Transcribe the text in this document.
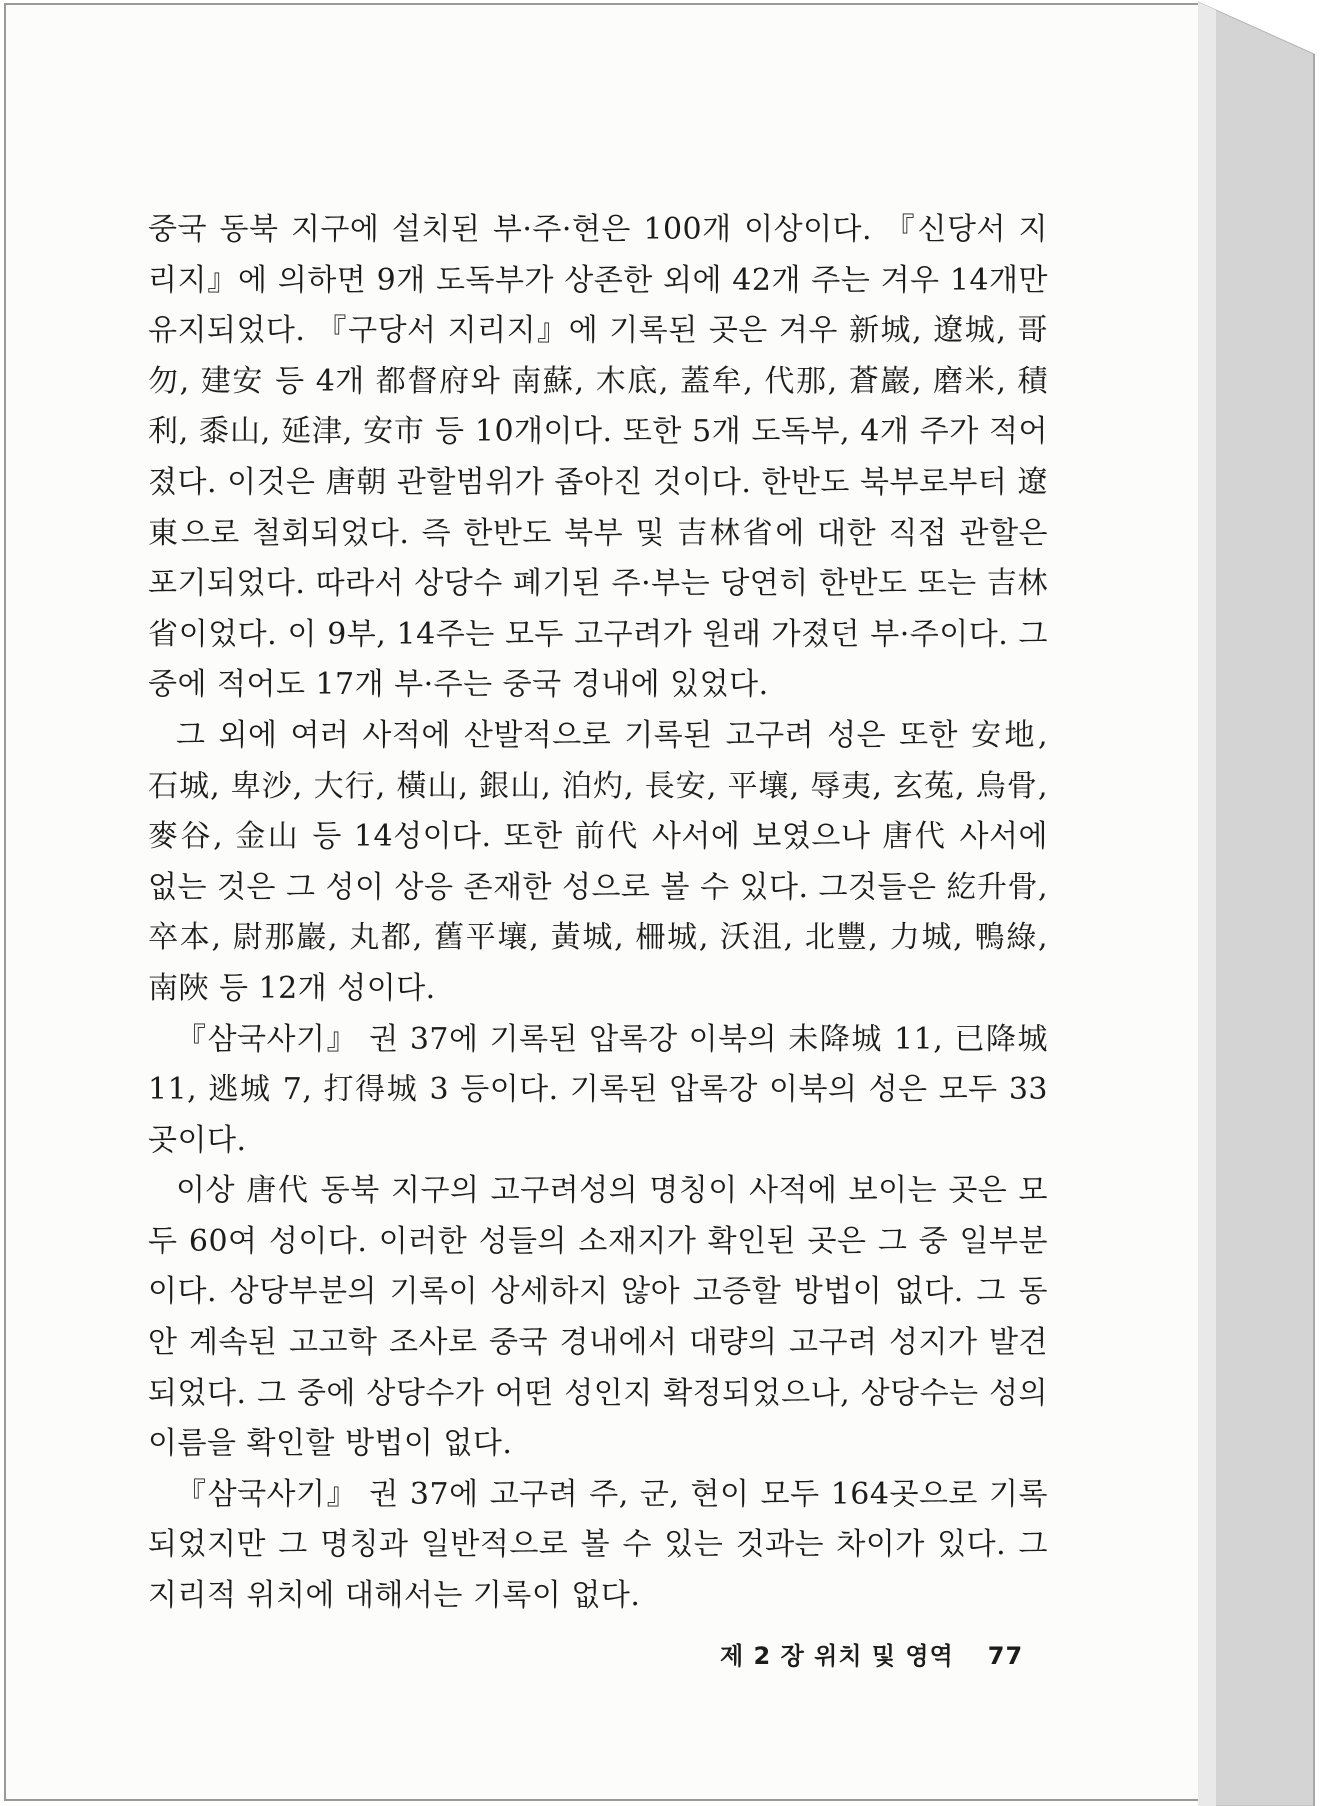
중국 동북 지구에 설치된 부·주·현은 100개 이상이다. 『신당서 지리지』에 의하면 9개 도독부가 상존한 외에 42개 주는 겨우 14개만 유지되었다. 『구당서 지리지』에 기록된 곳은 겨우 新城, 遼城, 哥勿, 建安 등 4개 都督府와 南蘇, 木底, 蓋牟, 代那, 蒼巖, 磨米, 積利, 黍山, 延津, 安市 등 10개이다. 또한 5개 도독부, 4개 주가 적어졌다. 이것은 唐朝 관할범위가 좁아진 것이다. 한반도 북부로부터 遼東으로 철회되었다. 즉 한반도 북부 및 吉林省에 대한 직접 관할은 포기되었다. 따라서 상당수 폐기된 주·부는 당연히 한반도 또는 吉林省이었다. 이 9부, 14주는 모두 고구려가 원래 가졌던 부·주이다. 그 중에 적어도 17개 부·주는 중국 경내에 있었다.

그 외에 여러 사적에 산발적으로 기록된 고구려 성은 또한 安地, 石城, 卑沙, 大行, 橫山, 銀山, 泊灼, 長安, 平壤, 辱夷, 玄菟, 烏骨, 麥谷, 金山 등 14성이다. 또한 前代 사서에 보였으나 唐代 사서에 없는 것은 그 성이 상응 존재한 성으로 볼 수 있다. 그것들은 紇升骨, 卒本, 尉那巖, 丸都, 舊平壤, 黃城, 柵城, 沃沮, 北豐, 力城, 鴨綠, 南陜 등 12개 성이다.

『삼국사기』 권 37에 기록된 압록강 이북의 未降城 11, 已降城 11, 逃城 7, 打得城 3 등이다. 기록된 압록강 이북의 성은 모두 33곳이다.

이상 唐代 동북 지구의 고구려성의 명칭이 사적에 보이는 곳은 모두 60여 성이다. 이러한 성들의 소재지가 확인된 곳은 그 중 일부분이다. 상당부분의 기록이 상세하지 않아 고증할 방법이 없다. 그 동안 계속된 고고학 조사로 중국 경내에서 대량의 고구려 성지가 발견되었다. 그 중에 상당수가 어떤 성인지 확정되었으나, 상당수는 성의 이름을 확인할 방법이 없다.

『삼국사기』 권 37에 고구려 주, 군, 현이 모두 164곳으로 기록되었지만 그 명칭과 일반적으로 볼 수 있는 것과는 차이가 있다. 그 지리적 위치에 대해서는 기록이 없다.

제 2 장 위치 및 영역 77
